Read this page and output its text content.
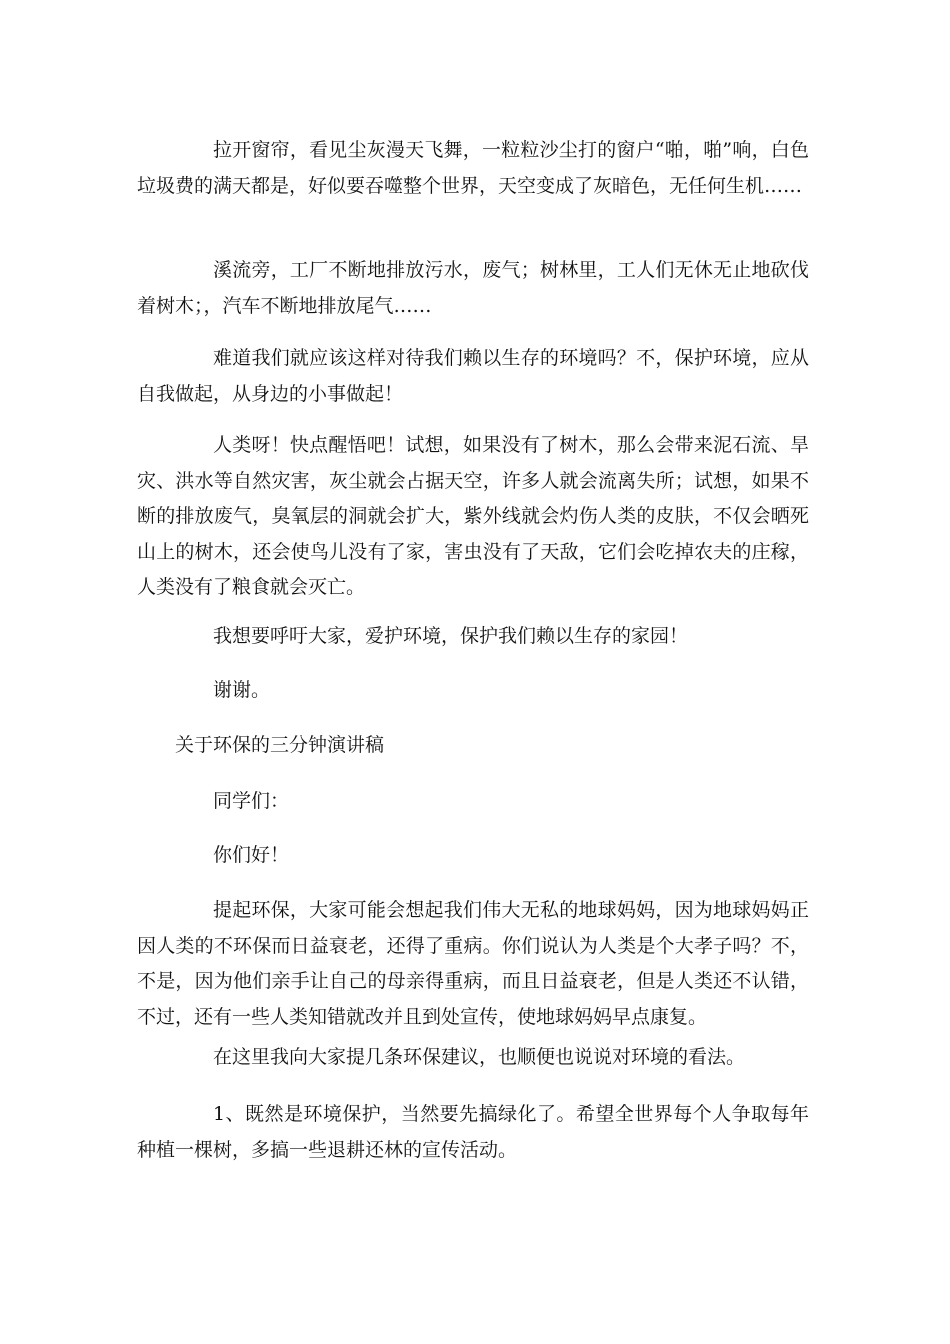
拉开窗帘，看见尘灰漫天飞舞，一粒粒沙尘打的窗户“啪，啪”响，白色垃圾费的满天都是，好似要吞噬整个世界，天空变成了灰暗色，无任何生机……

溪流旁，工厂不断地排放污水，废气；树林里，工人们无休无止地砍伐着树木；，汽车不断地排放尾气……

难道我们就应该这样对待我们赖以生存的环境吗？不，保护环境，应从自我做起，从身边的小事做起！

人类呀！快点醒悟吧！试想，如果没有了树木，那么会带来泥石流、旱灾、洪水等自然灾害，灰尘就会占据天空，许多人就会流离失所；试想，如果不断的排放废气，臭氧层的洞就会扩大，紫外线就会灼伤人类的皮肤，不仅会晒死山上的树木，还会使鸟儿没有了家，害虫没有了天敌，它们会吃掉农夫的庄稼，人类没有了粮食就会灭亡。

我想要呼吁大家，爱护环境，保护我们赖以生存的家园！

谢谢。

关于环保的三分钟演讲稿

同学们：

你们好！

提起环保，大家可能会想起我们伟大无私的地球妈妈，因为地球妈妈正因人类的不环保而日益衰老，还得了重病。你们说认为人类是个大孝子吗？不，不是，因为他们亲手让自己的母亲得重病，而且日益衰老，但是人类还不认错，不过，还有一些人类知错就改并且到处宣传，使地球妈妈早点康复。

在这里我向大家提几条环保建议，也顺便也说说对环境的看法。

1、既然是环境保护，当然要先搞绿化了。希望全世界每个人争取每年种植一棵树，多搞一些退耕还林的宣传活动。
